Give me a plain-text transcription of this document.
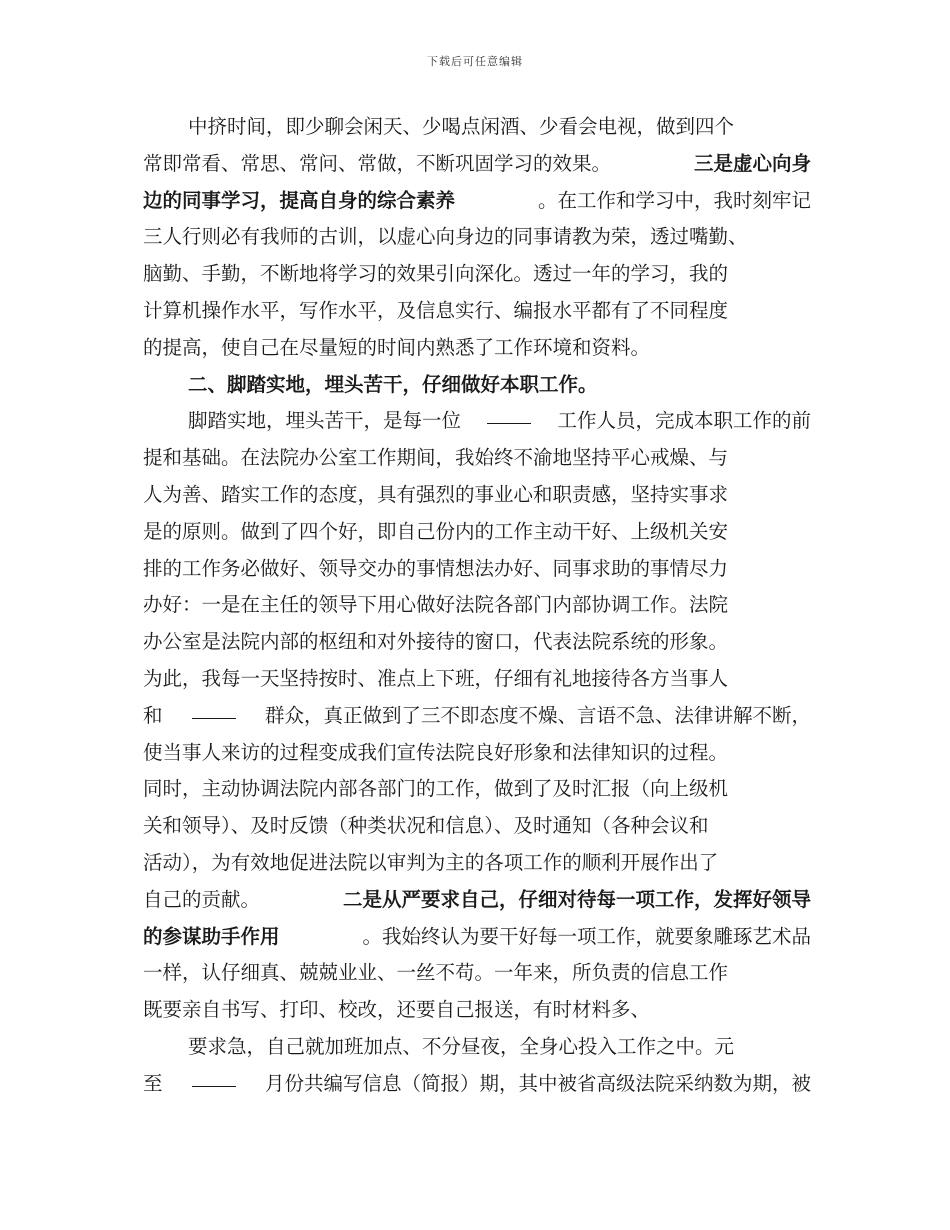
下载后可任意编辑
中挤时间，即少聊会闲天、少喝点闲酒、少看会电视，做到四个
常即常看、常思、常问、常做，不断巩固学习的效果。	三是虚心向身
边的同事学习，提高自身的综合素养	。在工作和学习中，我时刻牢记
三人行则必有我师的古训，以虚心向身边的同事请教为荣，透过嘴勤、
脑勤、手勤，不断地将学习的效果引向深化。透过一年的学习，我的
计算机操作水平，写作水平，及信息实行、编报水平都有了不同程度
的提高，使自己在尽量短的时间内熟悉了工作环境和资料。
二、脚踏实地，埋头苦干，仔细做好本职工作。
脚踏实地，埋头苦干，是每一位	工作人员，完成本职工作的前
提和基础。在法院办公室工作期间，我始终不渝地坚持平心戒燥、与
人为善、踏实工作的态度，具有强烈的事业心和职责感，坚持实事求
是的原则。做到了四个好，即自己份内的工作主动干好、上级机关安
排的工作务必做好、领导交办的事情想法办好、同事求助的事情尽力
办好：一是在主任的领导下用心做好法院各部门内部协调工作。法院
办公室是法院内部的枢纽和对外接待的窗口，代表法院系统的形象。
为此，我每一天坚持按时、准点上下班，仔细有礼地接待各方当事人
和	群众，真正做到了三不即态度不燥、言语不急、法律讲解不断，
使当事人来访的过程变成我们宣传法院良好形象和法律知识的过程。
同时，主动协调法院内部各部门的工作，做到了及时汇报（向上级机
关和领导）、及时反馈（种类状况和信息）、及时通知（各种会议和
活动），为有效地促进法院以审判为主的各项工作的顺利开展作出了
自己的贡献。	二是从严要求自己，仔细对待每一项工作，发挥好领导
的参谋助手作用	。我始终认为要干好每一项工作，就要象雕琢艺术品
一样，认仔细真、兢兢业业、一丝不苟。一年来，所负责的信息工作
既要亲自书写、打印、校改，还要自己报送，有时材料多、
要求急，自己就加班加点、不分昼夜，全身心投入工作之中。元
至	月份共编写信息（简报）期，其中被省高级法院采纳数为期，被
